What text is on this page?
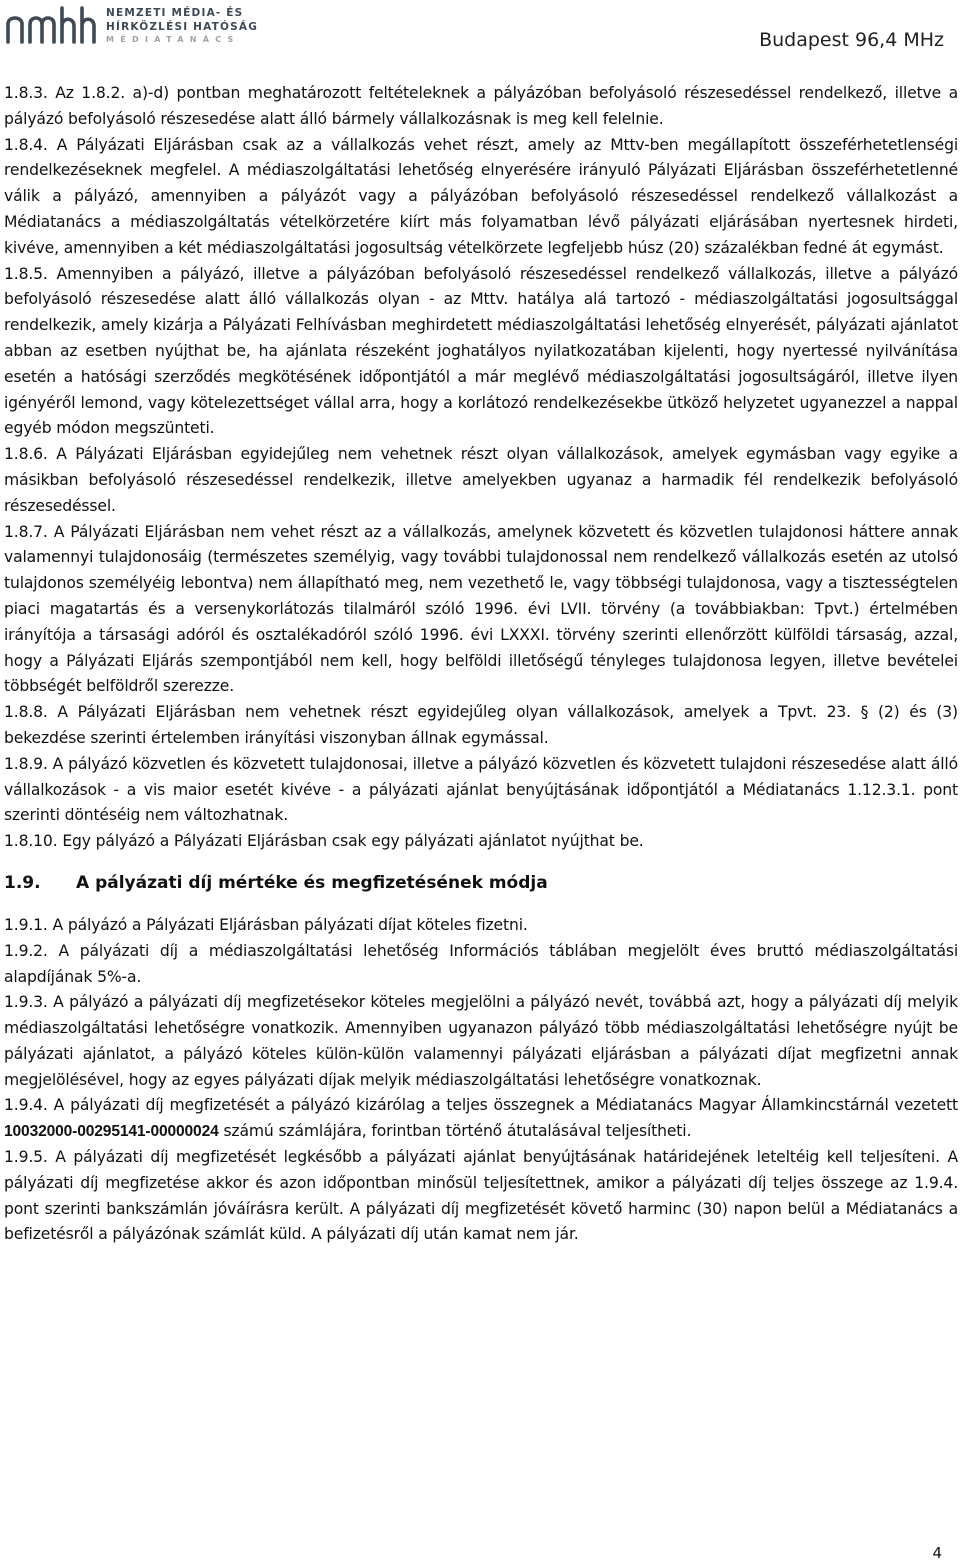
NEMZETI MÉDIA- ÉS
HÍRKÖZLÉSI HATÓSÁG
MÉDIATANÁCS	Budapest 96,4 MHz

1.8.3. Az 1.8.2. a)-d) pontban meghatározott feltételeknek a pályázóban befolyásoló részesedéssel rendelkező, illetve a pályázó befolyásoló részesedése alatt álló bármely vállalkozásnak is meg kell felelnie.

1.8.4. A Pályázati Eljárásban csak az a vállalkozás vehet részt, amely az Mttv-ben megállapított összeférhetetlenségi rendelkezéseknek megfelel. A médiaszolgáltatási lehetőség elnyerésére irányuló Pályázati Eljárásban összeférhetetlenné válik a pályázó, amennyiben a pályázót vagy a pályázóban befolyásoló részesedéssel rendelkező vállalkozást a Médiatanács a médiaszolgáltatás vételkörzetére kiírt más folyamatban lévő pályázati eljárásában nyertesnek hirdeti, kivéve, amennyiben a két médiaszolgáltatási jogosultság vételkörzete legfeljebb húsz (20) százalékban fedné át egymást.

1.8.5. Amennyiben a pályázó, illetve a pályázóban befolyásoló részesedéssel rendelkező vállalkozás, illetve a pályázó befolyásoló részesedése alatt álló vállalkozás olyan - az Mttv. hatálya alá tartozó - médiaszolgáltatási jogosultsággal rendelkezik, amely kizárja a Pályázati Felhívásban meghirdetett médiaszolgáltatási lehetőség elnyerését, pályázati ajánlatot abban az esetben nyújthat be, ha ajánlata részeként joghatályos nyilatkozatában kijelenti, hogy nyertessé nyilvánítása esetén a hatósági szerződés megkötésének időpontjától a már meglévő médiaszolgáltatási jogosultságáról, illetve ilyen igényéről lemond, vagy kötelezettséget vállal arra, hogy a korlátozó rendelkezésekbe ütköző helyzetet ugyanezzel a nappal egyéb módon megszünteti.

1.8.6. A Pályázati Eljárásban egyidejűleg nem vehetnek részt olyan vállalkozások, amelyek egymásban vagy egyike a másikban befolyásoló részesedéssel rendelkezik, illetve amelyekben ugyanaz a harmadik fél rendelkezik befolyásoló részesedéssel.

1.8.7. A Pályázati Eljárásban nem vehet részt az a vállalkozás, amelynek közvetett és közvetlen tulajdonosi háttere annak valamennyi tulajdonosáig (természetes személyig, vagy további tulajdonossal nem rendelkező vállalkozás esetén az utolsó tulajdonos személyéig lebontva) nem állapítható meg, nem vezethető le, vagy többségi tulajdonosa, vagy a tisztességtelen piaci magatartás és a versenykorlátozás tilalmáról szóló 1996. évi LVII. törvény (a továbbiakban: Tpvt.) értelmében irányítója a társasági adóról és osztalékadóról szóló 1996. évi LXXXI. törvény szerinti ellenőrzött külföldi társaság, azzal, hogy a Pályázati Eljárás szempontjából nem kell, hogy belföldi illetőségű tényleges tulajdonosa legyen, illetve bevételei többségét belföldről szerezze.

1.8.8. A Pályázati Eljárásban nem vehetnek részt egyidejűleg olyan vállalkozások, amelyek a Tpvt. 23. § (2) és (3) bekezdése szerinti értelemben irányítási viszonyban állnak egymással.

1.8.9. A pályázó közvetlen és közvetett tulajdonosai, illetve a pályázó közvetlen és közvetett tulajdoni részesedése alatt álló vállalkozások - a vis maior esetét kivéve - a pályázati ajánlat benyújtásának időpontjától a Médiatanács 1.12.3.1. pont szerinti döntéséig nem változhatnak.

1.8.10. Egy pályázó a Pályázati Eljárásban csak egy pályázati ajánlatot nyújthat be.

1.9.	A pályázati díj mértéke és megfizetésének módja

1.9.1. A pályázó a Pályázati Eljárásban pályázati díjat köteles fizetni.

1.9.2. A pályázati díj a médiaszolgáltatási lehetőség Információs táblában megjelölt éves bruttó médiaszolgáltatási alapdíjának 5%-a.

1.9.3. A pályázó a pályázati díj megfizetésekor köteles megjelölni a pályázó nevét, továbbá azt, hogy a pályázati díj melyik médiaszolgáltatási lehetőségre vonatkozik. Amennyiben ugyanazon pályázó több médiaszolgáltatási lehetőségre nyújt be pályázati ajánlatot, a pályázó köteles külön-külön valamennyi pályázati eljárásban a pályázati díjat megfizetni annak megjelölésével, hogy az egyes pályázati díjak melyik médiaszolgáltatási lehetőségre vonatkoznak.

1.9.4. A pályázati díj megfizetését a pályázó kizárólag a teljes összegnek a Médiatanács Magyar Államkincstárnál vezetett 10032000-00295141-00000024 számú számlájára, forintban történő átutalásával teljesítheti.

1.9.5. A pályázati díj megfizetését legkésőbb a pályázati ajánlat benyújtásának határidejének leteltéig kell teljesíteni. A pályázati díj megfizetése akkor és azon időpontban minősül teljesítettnek, amikor a pályázati díj teljes összege az 1.9.4. pont szerinti bankszámlán jóváírásra került. A pályázati díj megfizetését követő harminc (30) napon belül a Médiatanács a befizetésről a pályázónak számlát küld. A pályázati díj után kamat nem jár.

4
